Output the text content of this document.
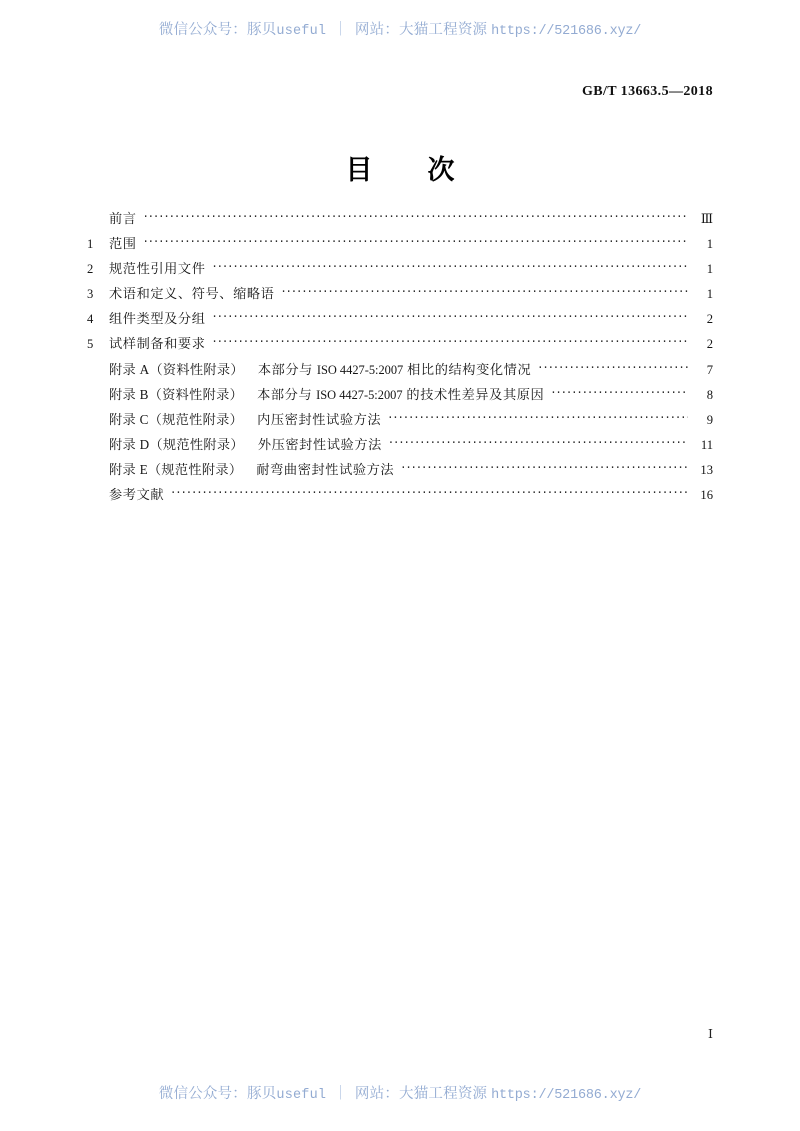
微信公众号：豚贝useful ｜ 网站：大猫工程资源 https://521686.xyz/
GB/T 13663.5—2018
目　次
前言 ·····	Ⅲ
1	范围 ·····	1
2	规范性引用文件 ·····	1
3	术语和定义、符号、缩略语 ·····	1
4	组件类型及分组 ·····	2
5	试样制备和要求 ·····	2
附录 A（资料性附录） 本部分与 ISO 4427-5:2007 相比的结构变化情况 ·····	7
附录 B（资料性附录） 本部分与 ISO 4427-5:2007 的技术性差异及其原因 ·····	8
附录 C（规范性附录） 内压密封性试验方法 ·····	9
附录 D（规范性附录） 外压密封性试验方法 ·····	11
附录 E（规范性附录） 耐弯曲密封性试验方法 ·····	13
参考文献 ·····	16
Ⅰ
微信公众号：豚贝useful ｜ 网站：大猫工程资源 https://521686.xyz/
